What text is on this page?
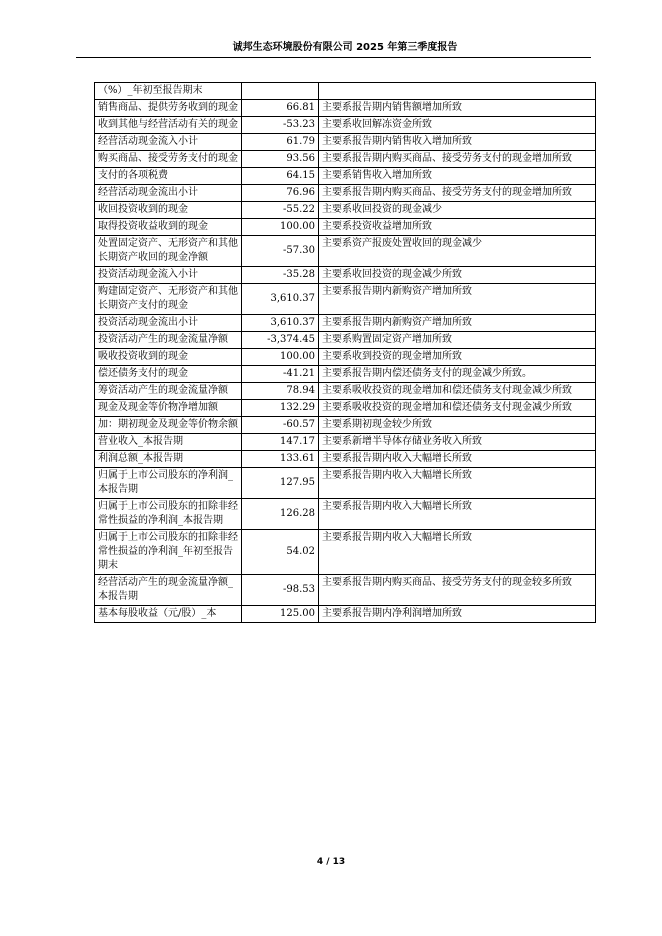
诚邦生态环境股份有限公司 2025 年第三季度报告
（%）_年初至报告期末		
销售商品、提供劳务收到的现金	66.81	主要系报告期内销售额增加所致
收到其他与经营活动有关的现金	-53.23	主要系收回解冻资金所致
经营活动现金流入小计	61.79	主要系报告期内销售收入增加所致
购买商品、接受劳务支付的现金	93.56	主要系报告期内购买商品、接受劳务支付的现金增加所致
支付的各项税费	64.15	主要系销售收入增加所致
经营活动现金流出小计	76.96	主要系报告期内购买商品、接受劳务支付的现金增加所致
收回投资收到的现金	-55.22	主要系收回投资的现金减少
取得投资收益收到的现金	100.00	主要系投资收益增加所致
处置固定资产、无形资产和其他长期资产收回的现金净额	-57.30	主要系资产报废处置收回的现金减少
投资活动现金流入小计	-35.28	主要系收回投资的现金减少所致
购建固定资产、无形资产和其他长期资产支付的现金	3,610.37	主要系报告期内新购资产增加所致
投资活动现金流出小计	3,610.37	主要系报告期内新购资产增加所致
投资活动产生的现金流量净额	-3,374.45	主要系购置固定资产增加所致
吸收投资收到的现金	100.00	主要系收到投资的现金增加所致
偿还债务支付的现金	-41.21	主要系报告期内偿还债务支付的现金减少所致。
筹资活动产生的现金流量净额	78.94	主要系吸收投资的现金增加和偿还债务支付现金减少所致
现金及现金等价物净增加额	132.29	主要系吸收投资的现金增加和偿还债务支付现金减少所致
加：期初现金及现金等价物余额	-60.57	主要系期初现金较少所致
营业收入_本报告期	147.17	主要系新增半导体存储业务收入所致
利润总额_本报告期	133.61	主要系报告期内收入大幅增长所致
归属于上市公司股东的净利润_本报告期	127.95	主要系报告期内收入大幅增长所致
归属于上市公司股东的扣除非经常性损益的净利润_本报告期	126.28	主要系报告期内收入大幅增长所致
归属于上市公司股东的扣除非经常性损益的净利润_年初至报告期末	54.02	主要系报告期内收入大幅增长所致
经营活动产生的现金流量净额_本报告期	-98.53	主要系报告期内购买商品、接受劳务支付的现金较多所致
基本每股收益（元/股）_本	125.00	主要系报告期内净利润增加所致
4 / 13
